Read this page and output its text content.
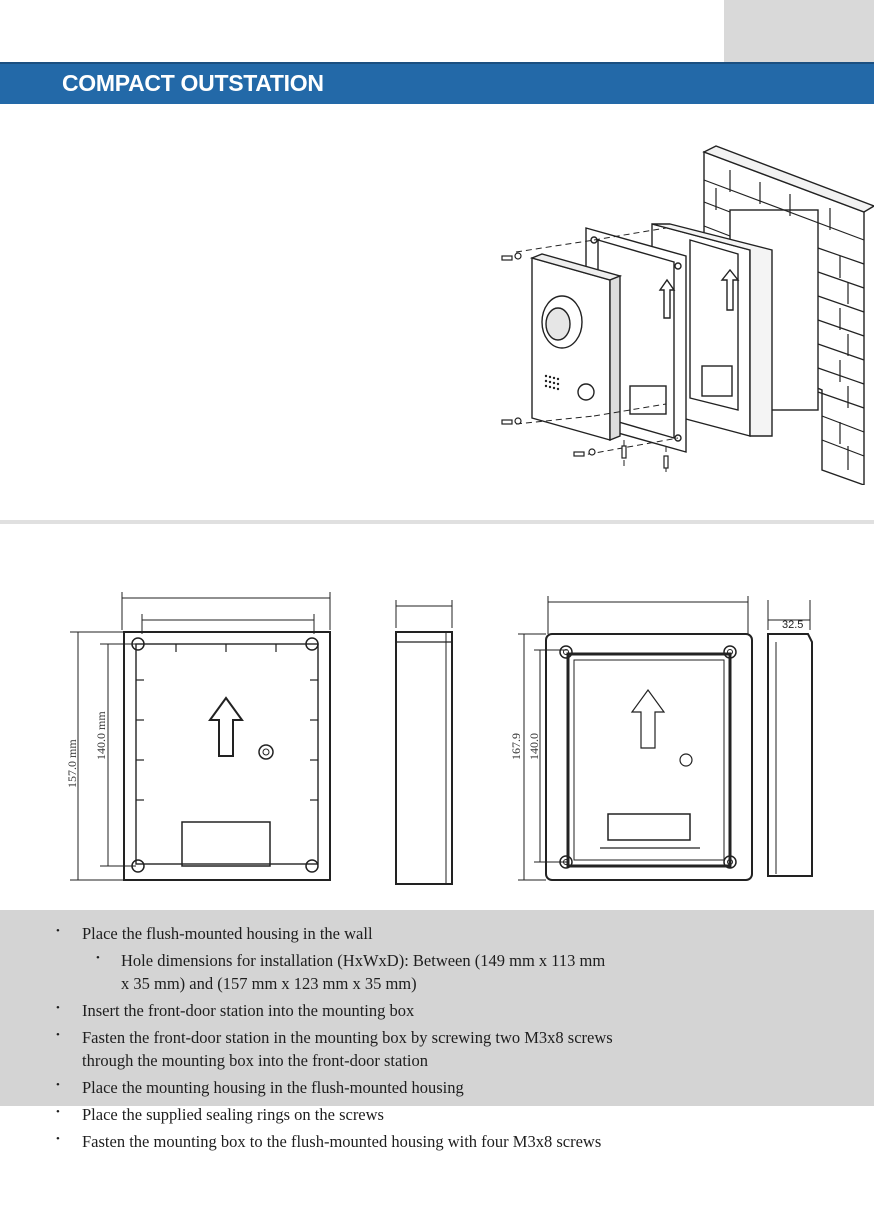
COMPACT OUTSTATION
157.0 mm
140.0 mm	167.9 140.0
32.5
• Place the flush-mounted housing in the wall
• Hole dimensions for installation (HxWxD): Between (149 mm x 113 mm
x 35 mm) and (157 mm x 123 mm x 35 mm)
• Insert the front-door station into the mounting box
• Fasten the front-door station in the mounting box by screwing two M3x8 screws
through the mounting box into the front-door station
• Place the mounting housing in the flush-mounted housing
• Place the supplied sealing rings on the screws
• Fasten the mounting box to the flush-mounted housing with four M3x8 screws
